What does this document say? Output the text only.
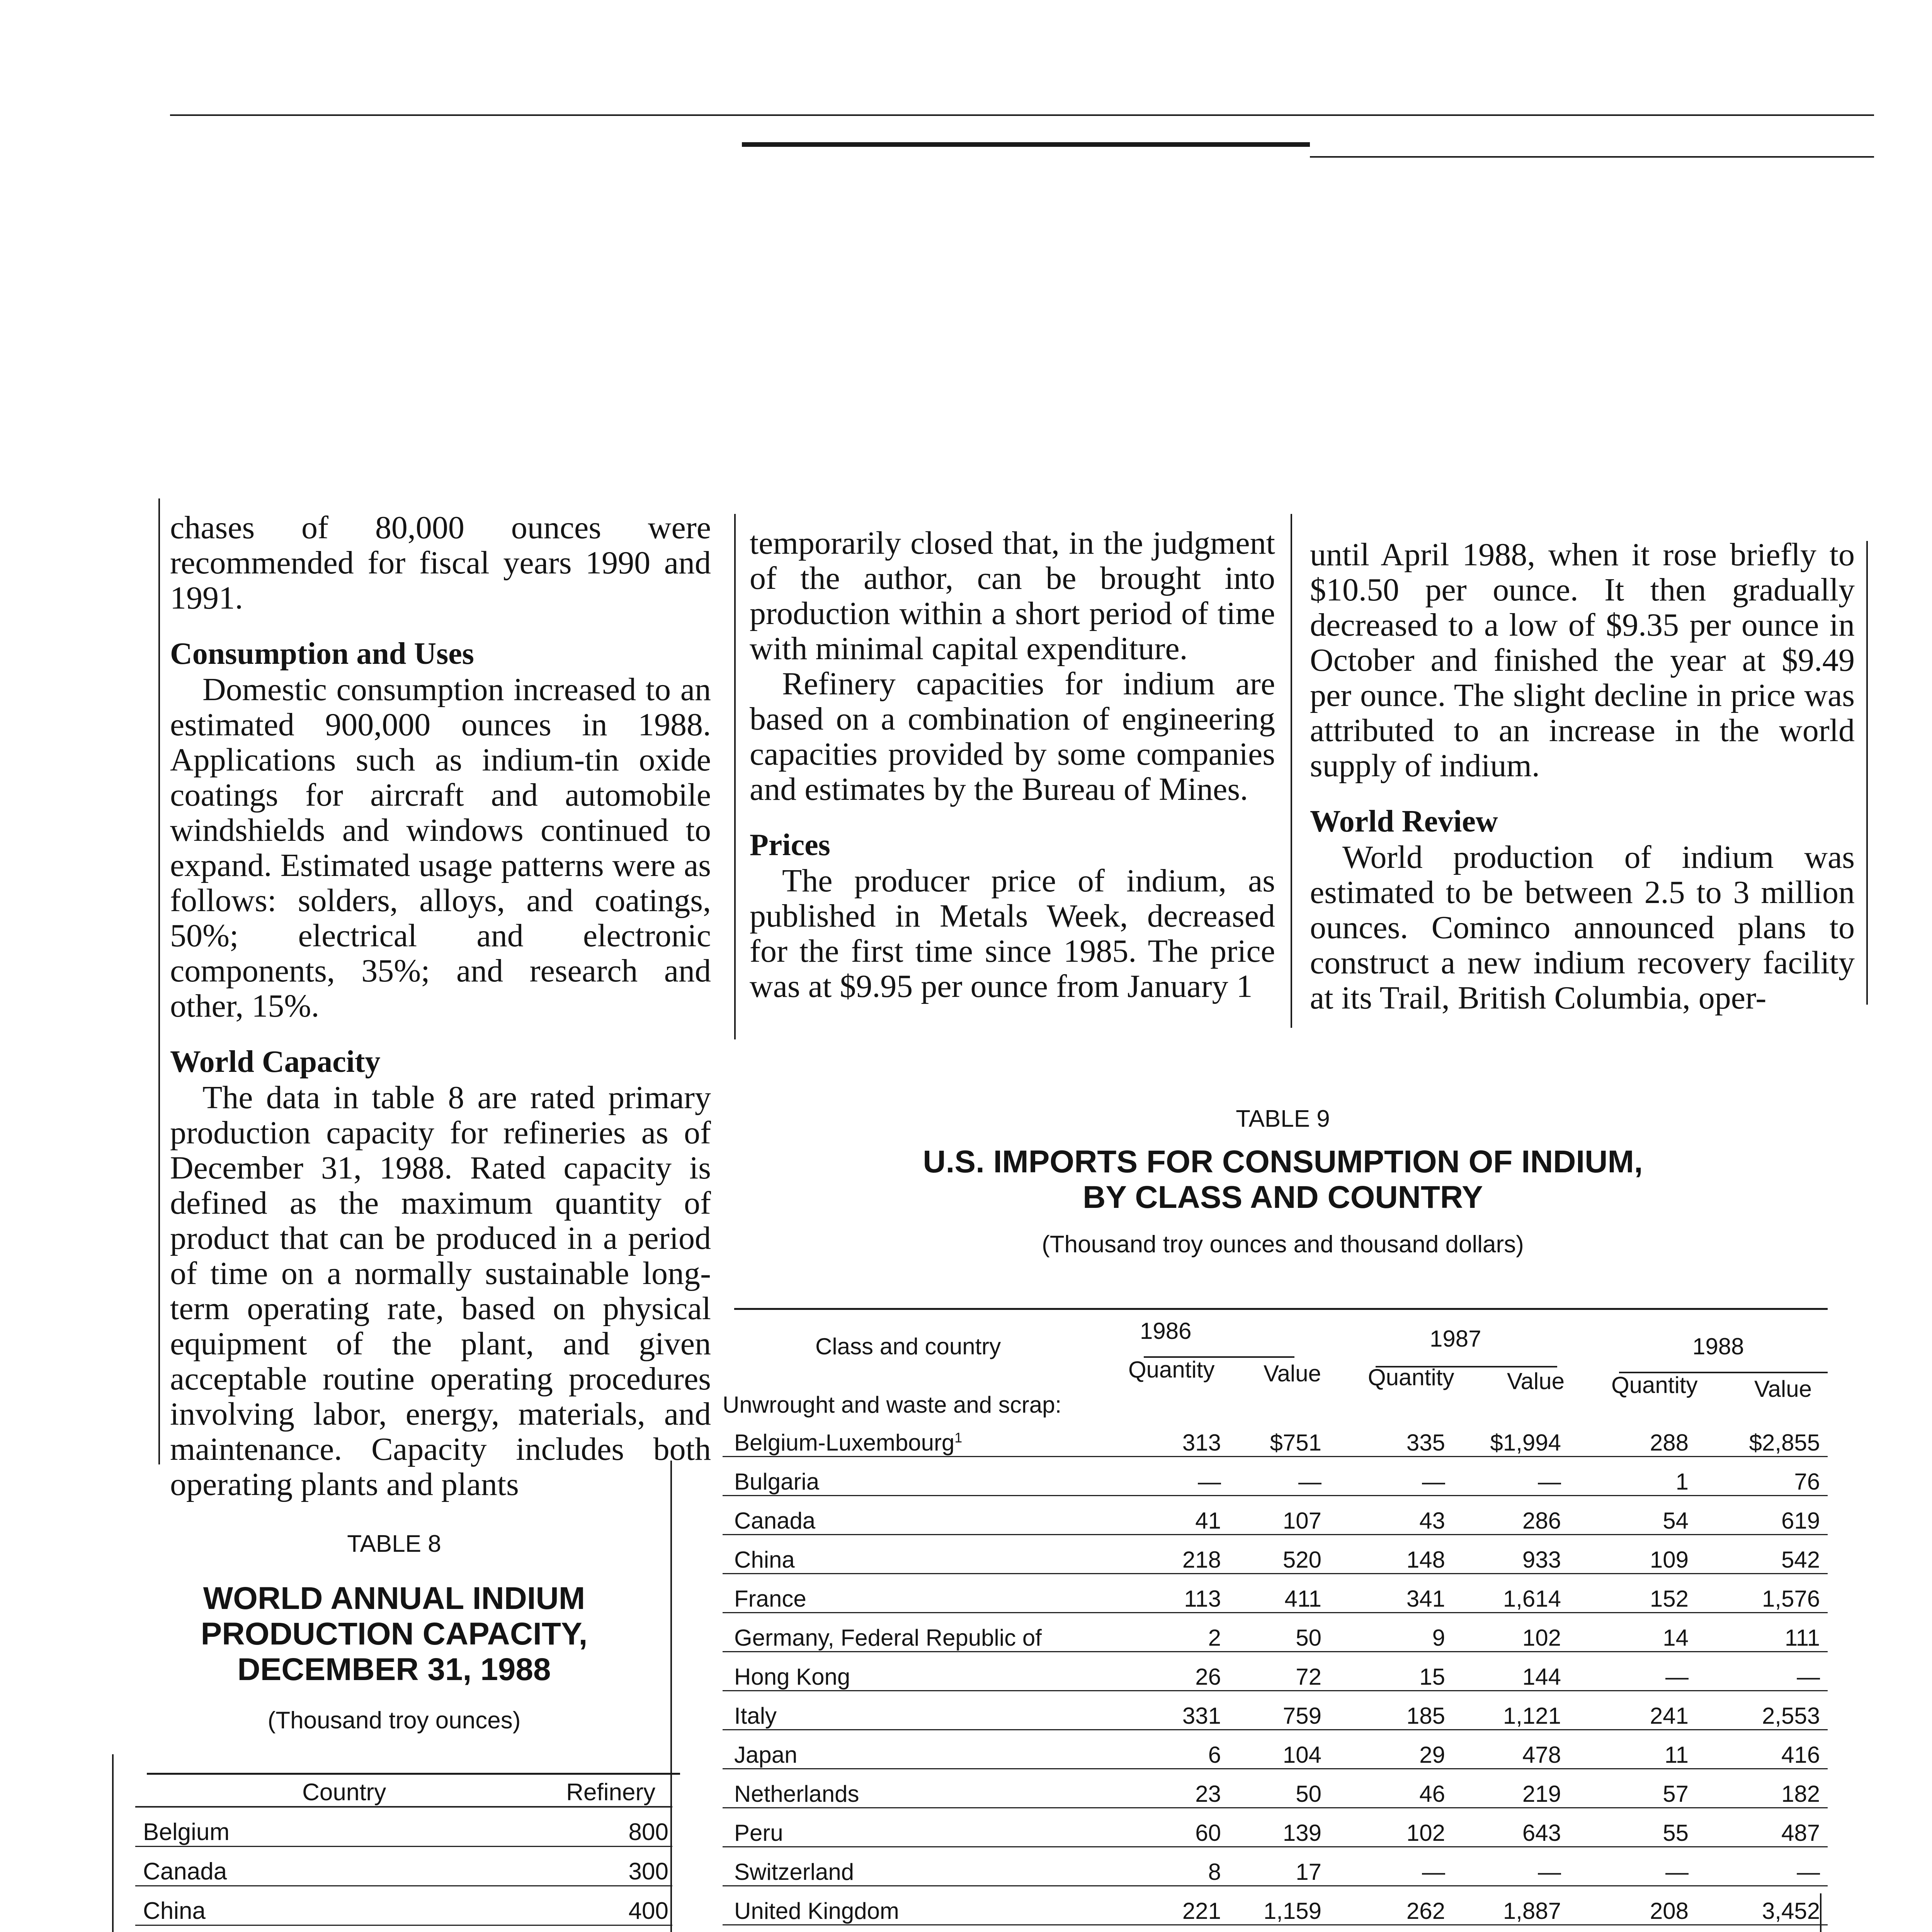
chases of 80,000 ounces were recommended for fiscal years 1990 and 1991.

Consumption and Uses

Domestic consumption increased to an estimated 900,000 ounces in 1988. Applications such as indium-tin oxide coatings for aircraft and automobile windshields and windows continued to expand. Estimated usage patterns were as follows: solders, alloys, and coatings, 50%; electrical and electronic components, 35%; and research and other, 15%.

World Capacity

The data in table 8 are rated primary production capacity for refineries as of December 31, 1988. Rated capacity is defined as the maximum quantity of product that can be produced in a period of time on a normally sustainable long-term operating rate, based on physical equipment of the plant, and given acceptable routine operating procedures involving labor, energy, materials, and maintenance. Capacity includes both operating plants and plants

temporarily closed that, in the judgment of the author, can be brought into production within a short period of time with minimal capital expenditure.

Refinery capacities for indium are based on a combination of engineering capacities provided by some companies and estimates by the Bureau of Mines.

Prices

The producer price of indium, as published in Metals Week, decreased for the first time since 1985. The price was at $9.95 per ounce from January 1

until April 1988, when it rose briefly to $10.50 per ounce. It then gradually decreased to a low of $9.35 per ounce in October and finished the year at $9.49 per ounce. The slight decline in price was attributed to an increase in the world supply of indium.

World Review

World production of indium was estimated to be between 2.5 to 3 million ounces. Cominco announced plans to construct a new indium recovery facility at its Trail, British Columbia, oper-

TABLE 8
WORLD ANNUAL INDIUM
PRODUCTION CAPACITY,
DECEMBER 31, 1988
(Thousand troy ounces)
Country	Refinery
Belgium	800
Canada	300
China	400

TABLE 9
U.S. IMPORTS FOR CONSUMPTION OF INDIUM,
BY CLASS AND COUNTRY
(Thousand troy ounces and thousand dollars)
Class and country
1986	1987	1988
Quantity Value Quantity Value Quantity Value
Unwrought and waste and scrap:						
Belgium-Luxembourg$^1$	313	$751	335	$1,994	288	$2,855
Bulgaria	—	—	—	—	1	76
Canada	41	107	43	286	54	619
China	218	520	148	933	109	542
France	113	411	341	1,614	152	1,576
Germany, Federal Republic of	2	50	9	102	14	111
Hong Kong	26	72	15	144	—	—
Italy	331	759	185	1,121	241	2,553
Japan	6	104	29	478	11	416
Netherlands	23	50	46	219	57	182
Peru	60	139	102	643	55	487
Switzerland	8	17	—	—	—	—
United Kingdom	221	1,159	262	1,887	208	3,452
